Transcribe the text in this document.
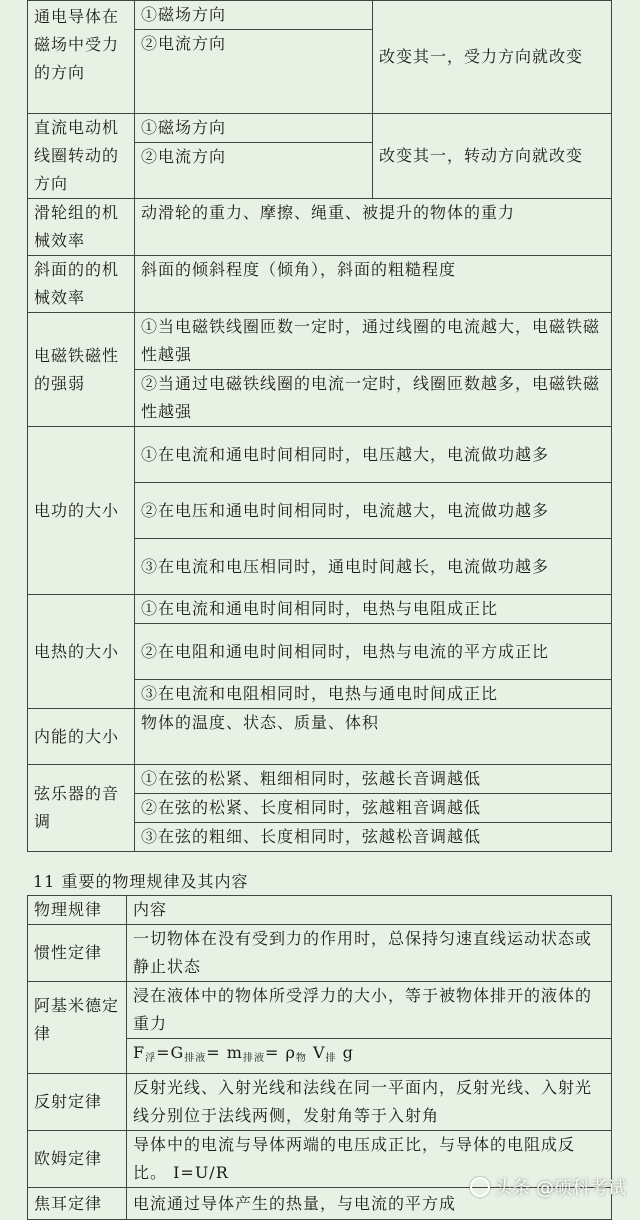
通电导体在磁场中受力的方向	①磁场方向	改变其一，受力方向就改变
	②电流方向	

直流电动机线圈转动的方向	①磁场方向	改变其一，转动方向就改变
	②电流方向	

滑轮组的机械效率	动滑轮的重力、摩擦、绳重、被提升的物体的重力	
斜面的的机械效率	斜面的倾斜程度（倾角），斜面的粗糙程度	
电磁铁磁性的强弱	①当电磁铁线圈匝数一定时，通过线圈的电流越大，电磁铁磁性越强	
	②当通过电磁铁线圈的电流一定时，线圈匝数越多，电磁铁磁性越强	
电功的大小	①在电流和通电时间相同时，电压越大，电流做功越多	
	②在电压和通电时间相同时，电流越大，电流做功越多	
	③在电流和电压相同时，通电时间越长，电流做功越多	
电热的大小	①在电流和通电时间相同时，电热与电阻成正比	
	②在电阻和通电时间相同时，电热与电流的平方成正比	
	③在电流和电阻相同时，电热与通电时间成正比	
内能的大小	物体的温度、状态、质量、体积	
弦乐器的音调	①在弦的松紧、粗细相同时，弦越长音调越低	
	②在弦的松紧、长度相同时，弦越粗音调越低	
	③在弦的粗细、长度相同时，弦越松音调越低	
11 重要的物理规律及其内容
物理规律	内容
惯性定律	一切物体在没有受到力的作用时，总保持匀速直线运动状态或静止状态
阿基米德定律	浸在液体中的物体所受浮力的大小，等于被物体排开的液体的重力
	$F_浮=G_{排液}= m_{排液}= \rho_物$ $V_排$ g
反射定律	反射光线、入射光线和法线在同一平面内，反射光线、入射光线分别位于法线两侧，发射角等于入射角
欧姆定律	导体中的电流与导体两端的电压成正比，与导体的电阻成反比。 I=U/R
焦耳定律	电流通过导体产生的热量，与电流的平方成
头条 @硕科考试
